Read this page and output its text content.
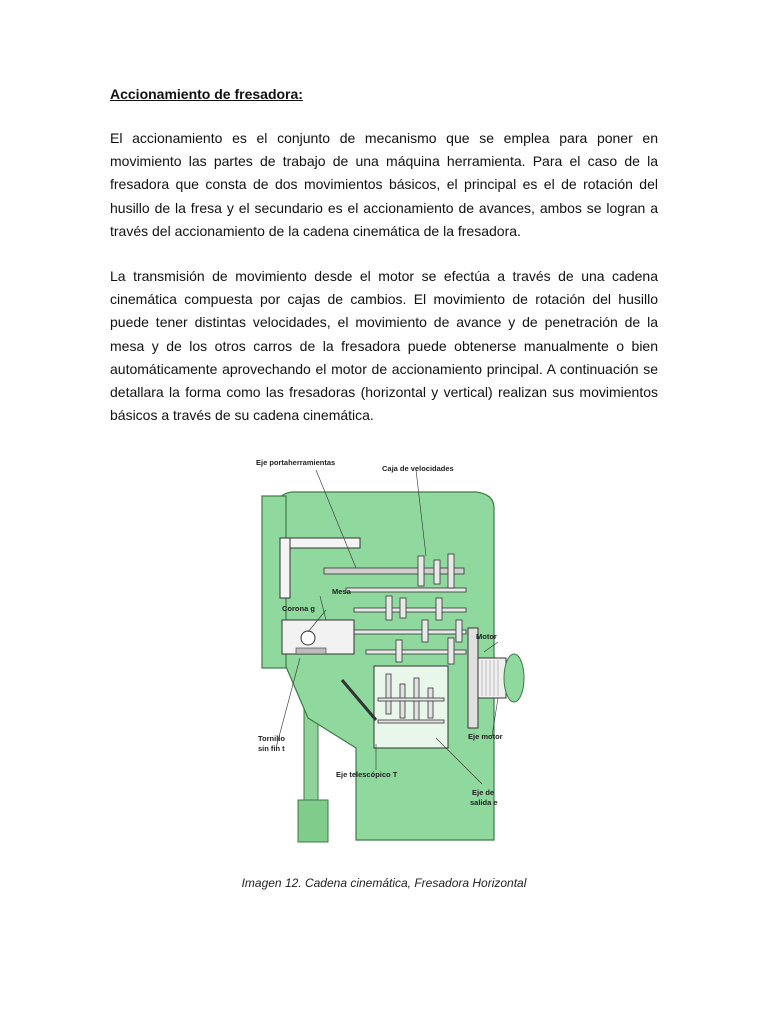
Accionamiento de fresadora:

El accionamiento es el conjunto de mecanismo que se emplea para poner en movimiento las partes de trabajo de una máquina herramienta. Para el caso de la fresadora que consta de dos movimientos básicos, el principal es el de rotación del husillo de la fresa y el secundario es el accionamiento de avances, ambos se logran a través del accionamiento de la cadena cinemática de la fresadora.

La transmisión de movimiento desde el motor se efectúa a través de una cadena cinemática compuesta por cajas de cambios. El movimiento de rotación del husillo puede tener distintas velocidades, el movimiento de avance y de penetración de la mesa y de los otros carros de la fresadora puede obtenerse manualmente o bien automáticamente aprovechando el motor de accionamiento principal. A continuación se detallara la forma como las fresadoras (horizontal y vertical) realizan sus movimientos básicos a través de su cadena cinemática.

Eje portaherramientas
Caja de velocidades
Mesa
Corona g
Motor
Eje motor
Tornillo
sin fin t
Eje telescópico T
Eje de
salida e
Imagen 12. Cadena cinemática, Fresadora Horizontal
